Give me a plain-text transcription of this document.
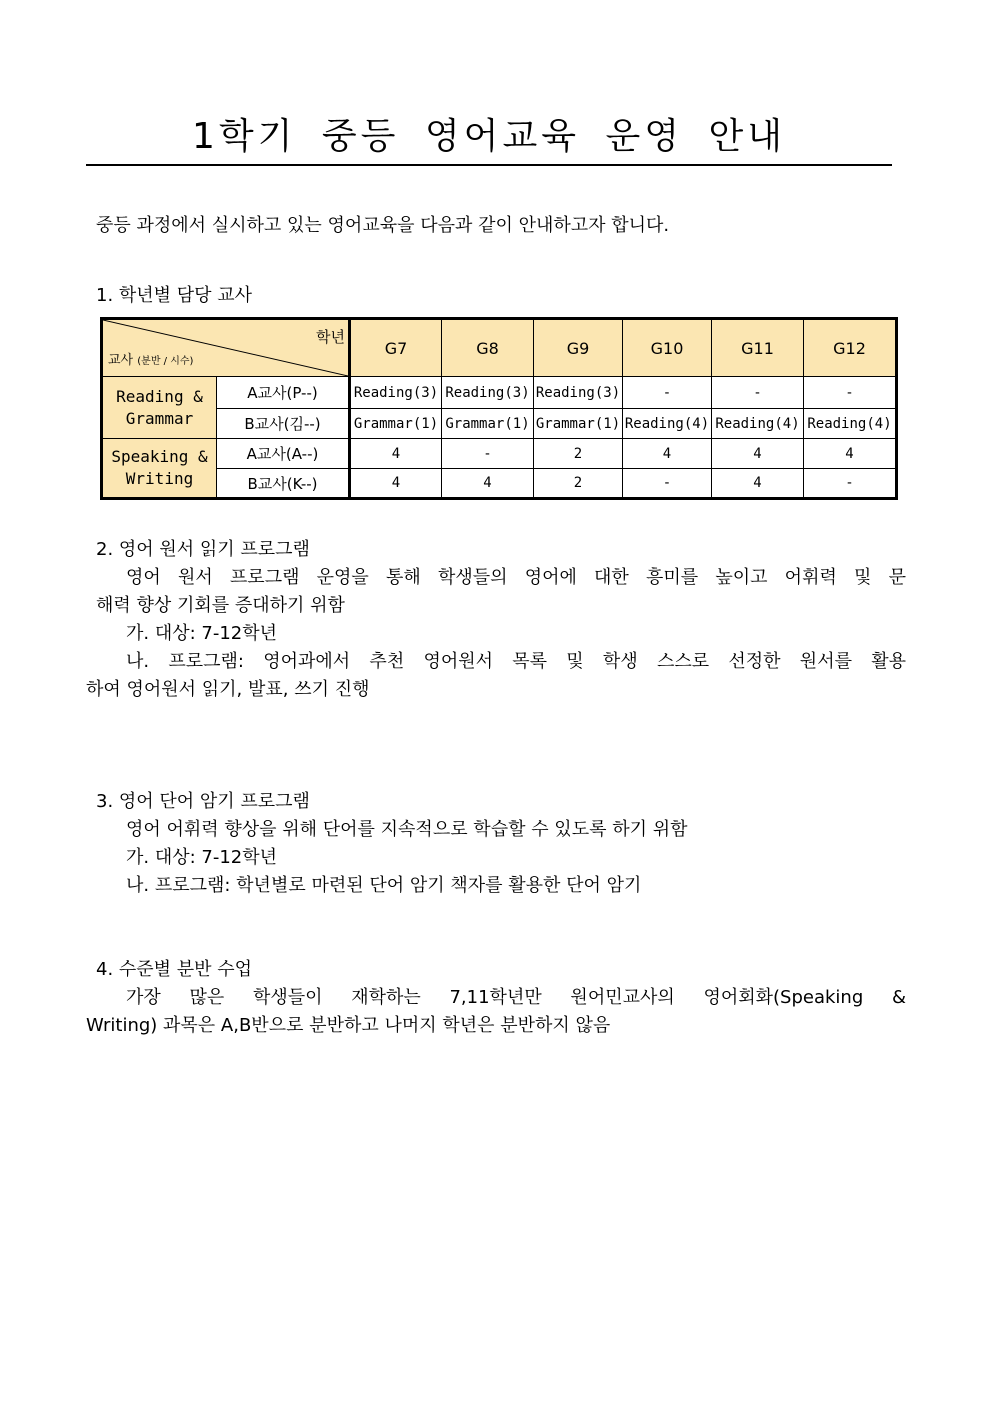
1학기 중등 영어교육 운영 안내

중등 과정에서 실시하고 있는 영어교육을 다음과 같이 안내하고자 합니다.

1. 학년별 담당 교사

학년
교사 (분반 / 시수)		G7	G8	G9	G10	G11	G12
Reading & Grammar	A교사(P--)	Reading(3)	Reading(3)	Reading(3)	-	-	-
	B교사(김--)	Grammar(1)	Grammar(1)	Grammar(1)	Reading(4)	Reading(4)	Reading(4)
Speaking & Writing	A교사(A--)	4	-	2	4	4	4
	B교사(K--)	4	4	2	-	4	-

2. 영어 원서 읽기 프로그램

영어 원서 프로그램 운영을 통해 학생들의 영어에 대한 흥미를 높이고 어휘력 및 문

해력 향상 기회를 증대하기 위함

가. 대상: 7-12학년

나. 프로그램: 영어과에서 추천 영어원서 목록 및 학생 스스로 선정한 원서를 활용

하여 영어원서 읽기, 발표, 쓰기 진행

3. 영어 단어 암기 프로그램

영어 어휘력 향상을 위해 단어를 지속적으로 학습할 수 있도록 하기 위함

가. 대상: 7-12학년

나. 프로그램: 학년별로 마련된 단어 암기 책자를 활용한 단어 암기

4. 수준별 분반 수업

가장 많은 학생들이 재학하는 7,11학년만 원어민교사의 영어회화(Speaking &

Writing) 과목은 A,B반으로 분반하고 나머지 학년은 분반하지 않음
